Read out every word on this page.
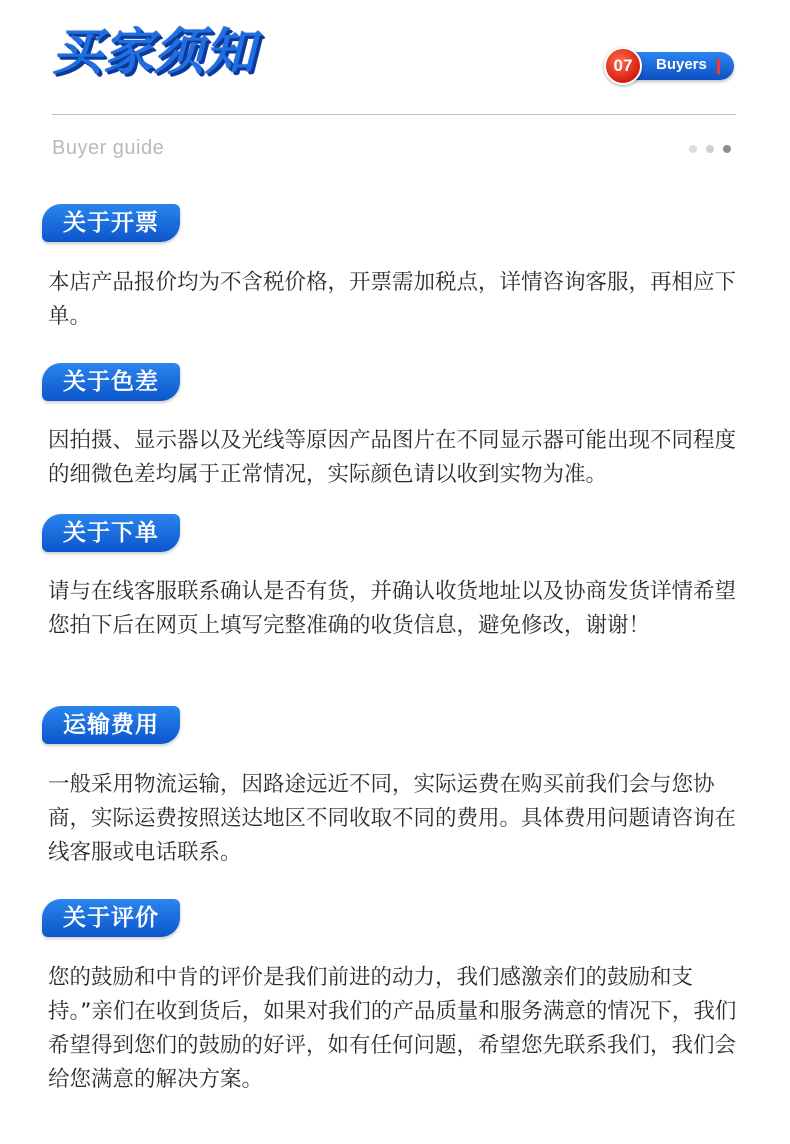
买家须知	Buyers
07
Buyer guide
关于开票

本店产品报价均为不含税价格，开票需加税点，详情咨询客服，再相应下单。

关于色差

因拍摄、显示器以及光线等原因产品图片在不同显示器可能出现不同程度的细微色差均属于正常情况，实际颜色请以收到实物为准。

关于下单

请与在线客服联系确认是否有货，并确认收货地址以及协商发货详情希望您拍下后在网页上填写完整准确的收货信息，避免修改，谢谢！

运输费用

一般采用物流运输，因路途远近不同，实际运费在购买前我们会与您协商，实际运费按照送达地区不同收取不同的费用。具体费用问题请咨询在线客服或电话联系。

关于评价

您的鼓励和中肯的评价是我们前进的动力，我们感激亲们的鼓励和支持。”亲们在收到货后，如果对我们的产品质量和服务满意的情况下，我们希望得到您们的鼓励的好评，如有任何问题，希望您先联系我们，我们会给您满意的解决方案。
